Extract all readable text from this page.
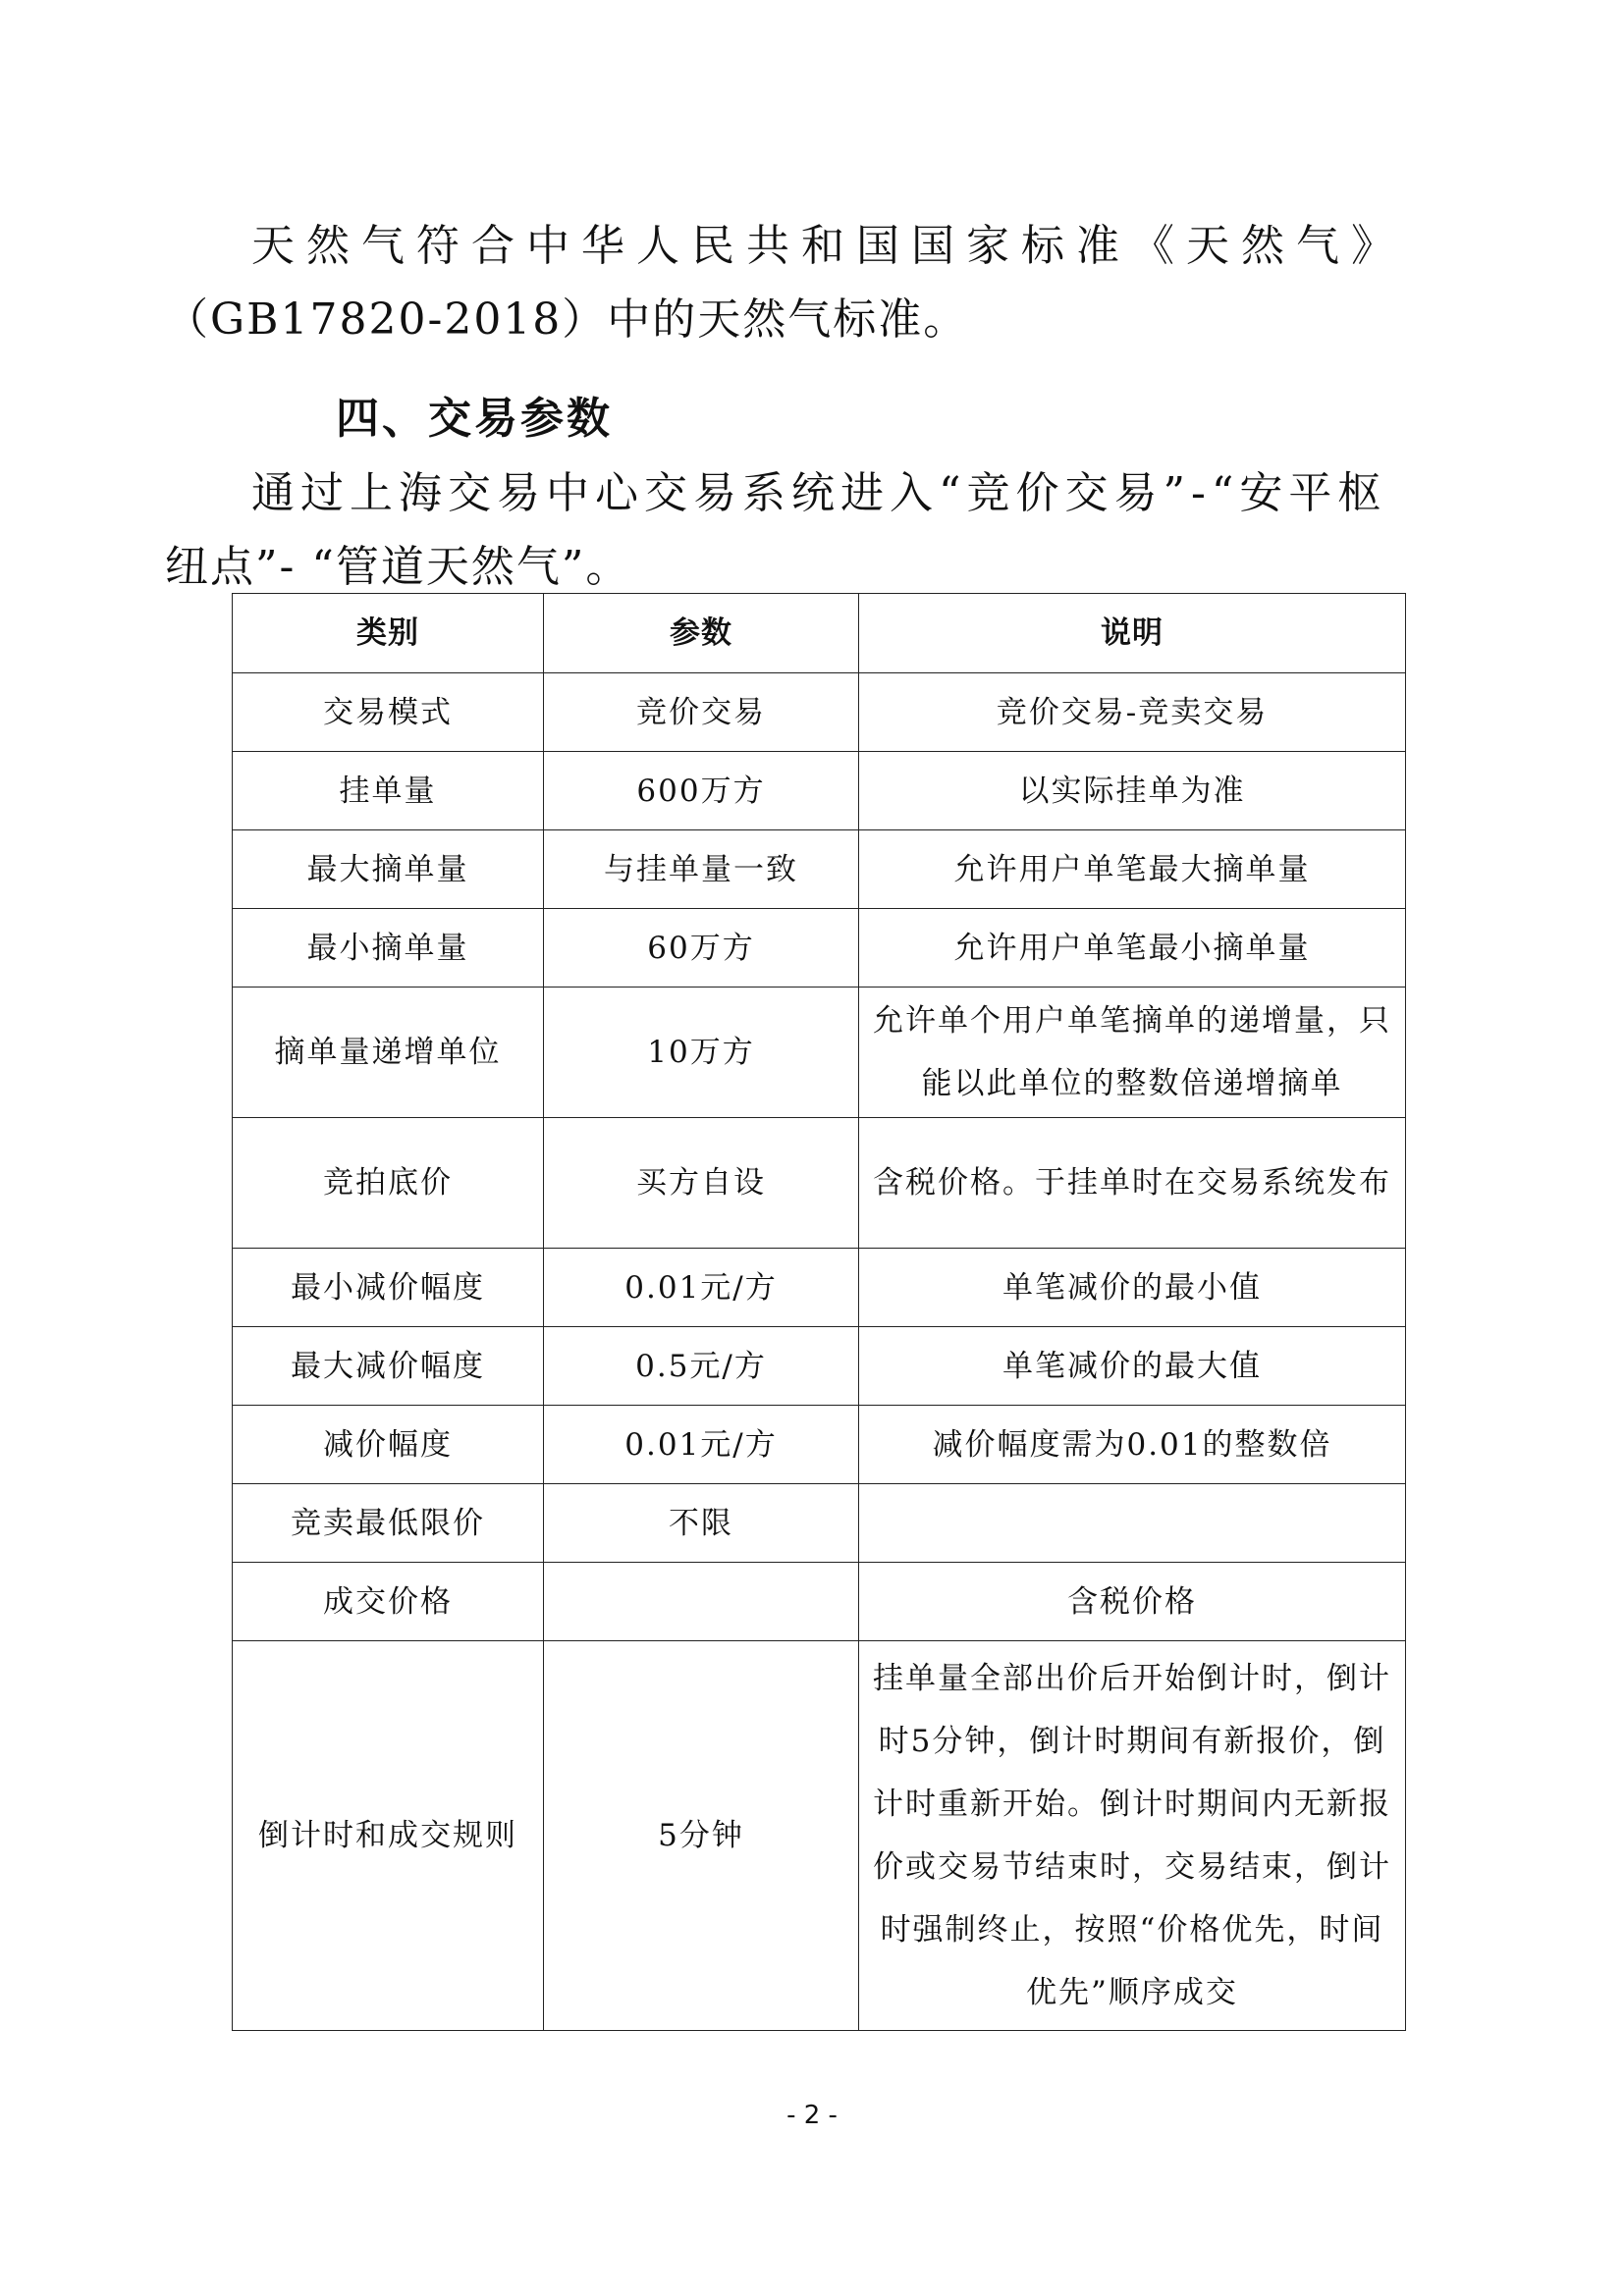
天然气符合中华人民共和国国家标准《天然气》
（GB17820-2018）中的天然气标准。

四、交易参数

通过上海交易中心交易系统进入“竞价交易”-“安平枢
纽点”- “管道天然气”。

类别	参数	说明
交易模式	竞价交易	竞价交易-竞卖交易
挂单量	600万方	以实际挂单为准
最大摘单量	与挂单量一致	允许用户单笔最大摘单量
最小摘单量	60万方	允许用户单笔最小摘单量
摘单量递增单位	10万方	允许单个用户单笔摘单的递增量，只能以此单位的整数倍递增摘单
竞拍底价	买方自设	含税价格。于挂单时在交易系统发布
最小减价幅度	0.01元/方	单笔减价的最小值
最大减价幅度	0.5元/方	单笔减价的最大值
减价幅度	0.01元/方	减价幅度需为0.01的整数倍
竞卖最低限价	不限	
成交价格		含税价格
倒计时和成交规则	5分钟	挂单量全部出价后开始倒计时，倒计时5分钟，倒计时期间有新报价，倒计时重新开始。倒计时期间内无新报价或交易节结束时，交易结束，倒计时强制终止，按照“价格优先，时间优先”顺序成交
- 2 -
